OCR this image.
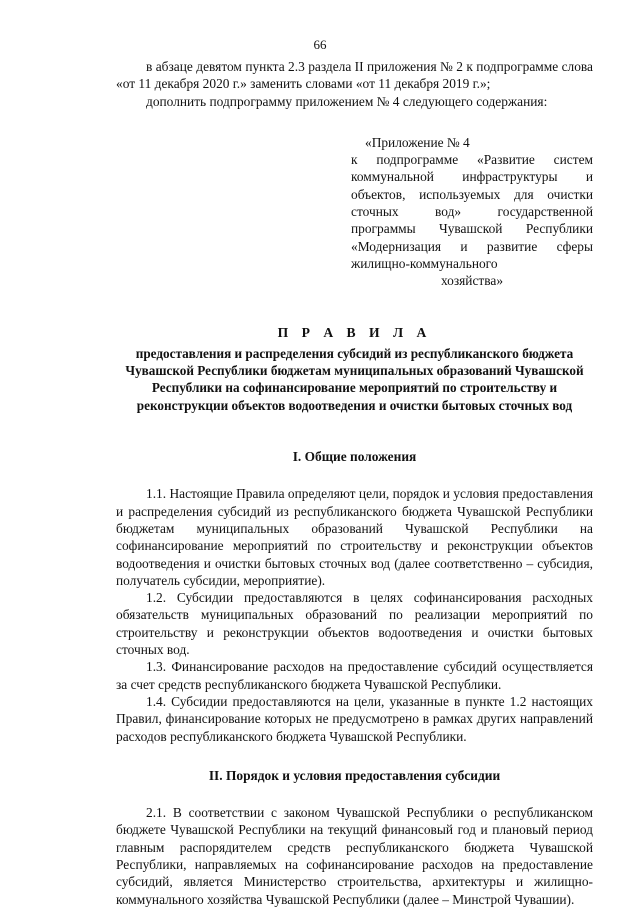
66

в абзаце девятом пункта 2.3 раздела II приложения № 2 к подпрограмме слова «от 11 декабря 2020 г.» заменить словами «от 11 декабря 2019 г.»;

дополнить подпрограмму приложением № 4 следующего содержания:

«Приложение № 4
к подпрограмме «Развитие систем коммунальной инфраструктуры и объектов, используемых для очистки сточных вод» государственной программы Чувашской Республики «Модернизация и развитие сферы жилищно-коммунального
хозяйства»
П Р А В И Л А
предоставления и распределения субсидий из республиканского бюджета Чувашской Республики бюджетам муниципальных образований Чувашской Республики на софинансирование мероприятий по строительству и реконструкции объектов водоотведения и очистки бытовых сточных вод
I. Общие положения

1.1. Настоящие Правила определяют цели, порядок и условия предоставления и распределения субсидий из республиканского бюджета Чувашской Республики бюджетам муниципальных образований Чувашской Республики на софинансирование мероприятий по строительству и реконструкции объектов водоотведения и очистки бытовых сточных вод (далее соответственно – субсидия, получатель субсидии, мероприятие).

1.2. Субсидии предоставляются в целях софинансирования расходных обязательств муниципальных образований по реализации мероприятий по строительству и реконструкции объектов водоотведения и очистки бытовых сточных вод.

1.3. Финансирование расходов на предоставление субсидий осуществляется за счет средств республиканского бюджета Чувашской Республики.

1.4. Субсидии предоставляются на цели, указанные в пункте 1.2 настоящих Правил, финансирование которых не предусмотрено в рамках других направлений расходов республиканского бюджета Чувашской Республики.

II. Порядок и условия предоставления субсидии

2.1. В соответствии с законом Чувашской Республики о республиканском бюджете Чувашской Республики на текущий финансовый год и плановый период главным распорядителем средств республиканского бюджета Чувашской Республики, направляемых на софинансирование расходов на предоставление субсидий, является Министерство строительства, архитектуры и жилищно-коммунального хозяйства Чувашской Республики (далее – Минстрой Чувашии).
